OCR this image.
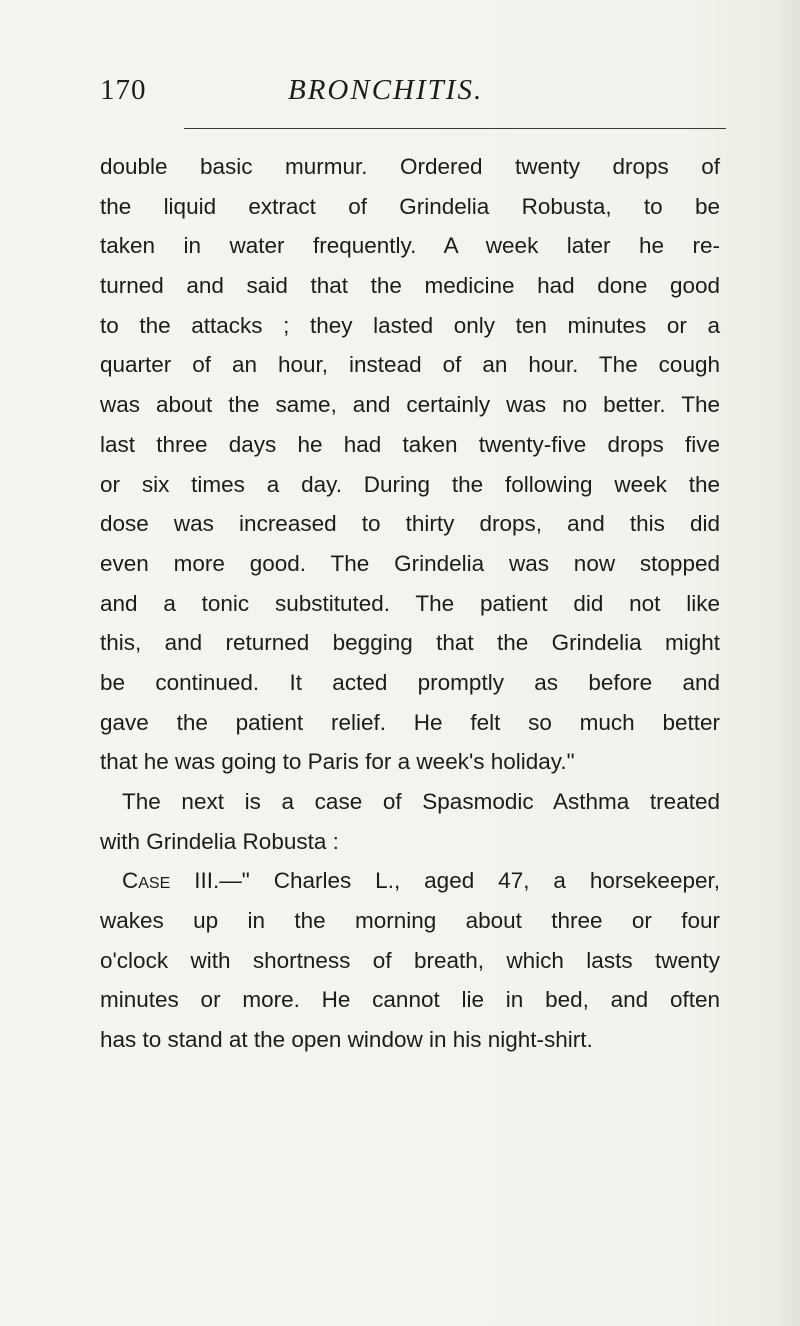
170	BRONCHITIS.
double basic murmur. Ordered twenty drops of
the liquid extract of Grindelia Robusta, to be
taken in water frequently. A week later he re-
turned and said that the medicine had done good
to the attacks ; they lasted only ten minutes or a
quarter of an hour, instead of an hour. The cough
was about the same, and certainly was no better. The
last three days he had taken twenty-five drops five
or six times a day. During the following week the
dose was increased to thirty drops, and this did
even more good. The Grindelia was now stopped
and a tonic substituted. The patient did not like
this, and returned begging that the Grindelia might
be continued. It acted promptly as before and
gave the patient relief. He felt so much better
that he was going to Paris for a week's holiday."
The next is a case of Spasmodic Asthma treated
with Grindelia Robusta :
Case III.—" Charles L., aged 47, a horsekeeper,
wakes up in the morning about three or four
o'clock with shortness of breath, which lasts twenty
minutes or more. He cannot lie in bed, and often
has to stand at the open window in his night-shirt.
